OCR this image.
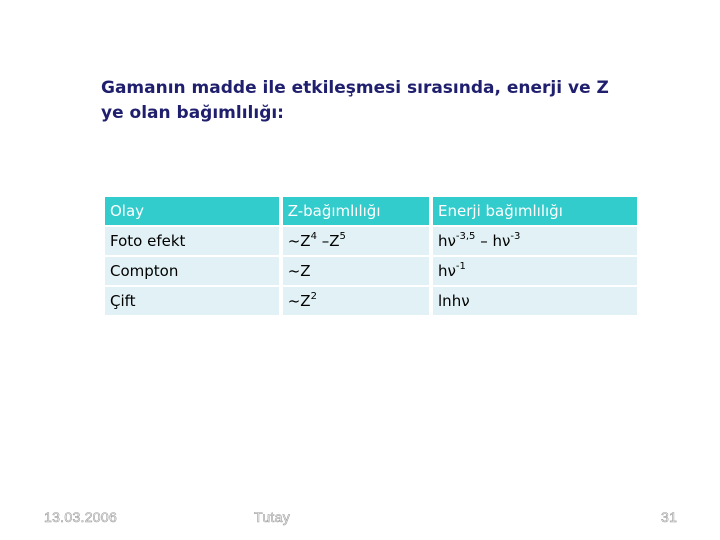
Gamanın madde ile etkileşmesi sırasında, enerji ve Z
ye olan bağımlılığı:
Olay	Z-bağımlılığı	Enerji bağımlılığı
Foto efekt	$\sim Z^4$ $-Z^5$	$h\nu^{-3,5} - h\nu^{-3}$
Compton	~Z	$h\nu^{-1}$
Çift	$\sim Z^2$	lnhν
13.03.2006	Tutay	31
